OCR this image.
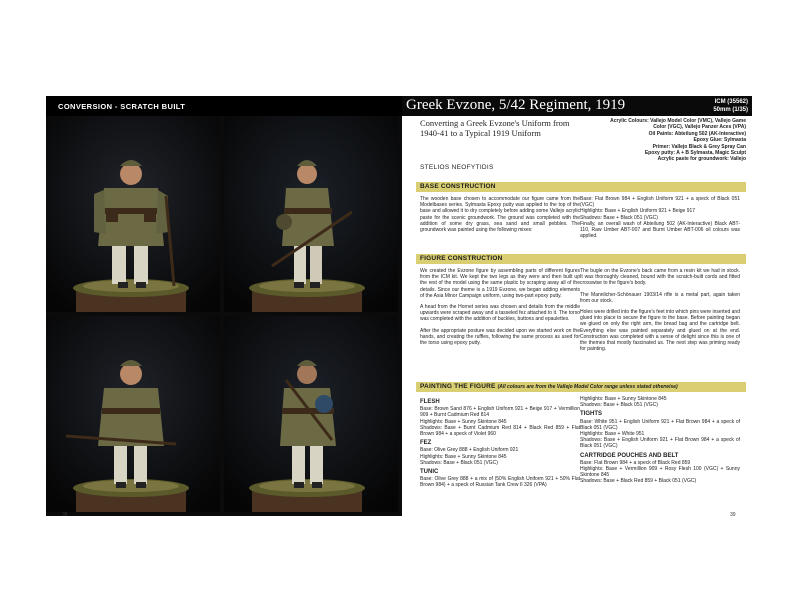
CONVERSION - SCRATCH BUILT	Greek Evzone, 5/42 Regiment, 1919	ICM (35562)
50mm (1/35)
Converting a Greek Evzone's Uniform from 1940-41 to a Typical 1919 Uniform
Acrylic Colours: Vallejo Model Color (VMC), Vallejo Game
Color (VGC), Vallejo Panzer Aces (VPA)
Oil Paints: Abteilung 502 (AK-Interactive)
Epoxy Glue: Sylmasta
Primer: Vallejo Black & Grey Spray Can
Epoxy putty: A + B Sylmasta, Magic Sculpt
Acrylic paste for groundwork: Vallejo
STELIOS NEOFYTIDIS
BASE CONSTRUCTION

The wooden base chosen to accommodate our figure came from the Modelbases series. Sylmasta Epoxy putty was applied to the top of the base and allowed it to dry completely before adding some Vallejo acrylic paste for the scenic groundwork. The ground was completed with the addition of some dry grass, sea sand and small pebbles. The groundwork was painted using the following mixes:

Base: Flat Brown 984 + English Uniform 921 + a speck of Black 051 (VGC)
Highlights: Base + English Uniform 921 + Beige 917
Shadows: Base + Black 051 (VGC)
Finally, an overall wash of Abteilung 502 (AK-Interactive) Black ABT-110, Raw Umber ABT-007 and Burnt Umber ABT-006 oil colours was applied.
FIGURE CONSTRUCTION

We created the Evzone figure by assembling parts of different figures from the ICM kit. We kept the two legs as they were and then built up the rest of the model using the same plastic by scraping away all of the details. Since our theme is a 1919 Evzone, we began adding elements of the Asia Minor Campaign uniform, using two-part epoxy putty.

A head from the Hornet series was chosen and details from the middle upwards were scraped away and a tasseled fez attached to it. The torso was completed with the addition of buckles, buttons and epaulettes.

After the appropriate posture was decided upon we started work on the hands, and creating the ruffles, following the same process as used for the torso using epoxy putty.

The bugle on the Evzone's back came from a resin kit we had in stock. It was thoroughly cleaned, bound with the scratch-built cords and fitted crosswise to the figure's body.

The Mannlicher-Schönauer 1903/14 rifle is a metal part, again taken from our stock.

Holes were drilled into the figure's feet into which pins were inserted and glued into place to secure the figure to the base. Before painting began we glued on only the right arm, the bread bag and the cartridge belt. Everything else was painted separately and glued on at the end. Construction was completed with a sense of delight since this is one of the themes that mostly fascinated us. The next step was priming ready for painting.

PAINTING THE FIGURE (All colours are from the Vallejo Model Color range unless stated otherwise)
FLESH
Base: Brown Sand 876 + English Uniform 921 + Beige 917 + Vermillion 909 + Burnt Cadmium Red 814
Highlights: Base + Sunny Skintone 845
Shadows: Base + Burnt Cadmium Red 814 + Black Red 859 + Flat Brown 984 + a speck of Violet 960
FEZ
Base: Olive Grey 888 + English Uniform 921
Highlights: Base + Sunny Skintone 845
Shadows: Base + Black 051 (VGC)
TUNIC
Base: Olive Grey 888 + a mix of (50% English Uniform 921 + 50% Flat Brown 984) + a speck of Russian Tank Crew II 326 (VPA)
Highlights: Base + Sunny Skintone 845
Shadows: Base + Black 051 (VGC)
TIGHTS
Base: White 951 + English Uniform 921 + Flat Brown 984 + a speck of Black 051 (VGC)
Highlights: Base + White 951
Shadows: Base + English Uniform 921 + Flat Brown 984 + a speck of Black 051 (VGC)
CARTRIDGE POUCHES AND BELT
Base: Flat Brown 984 + a speck of Black Red 859
Highlights: Base + Vermillion 909 + Rosy Flesh 100 (VGC) + Sunny Skintone 845
Shadows: Base + Black Red 859 + Black 051 (VGC)
38	39
